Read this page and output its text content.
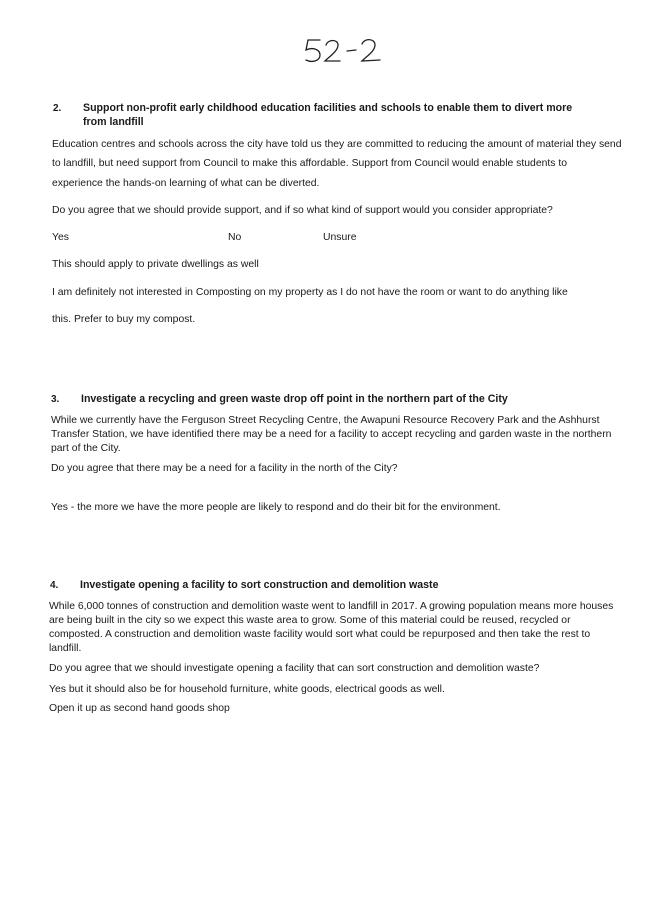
2. Support non-profit early childhood education facilities and schools to enable them to divert more
from landfill
Education centres and schools across the city have told us they are committed to reducing the amount of material they send
to landfill, but need support from Council to make this affordable. Support from Council would enable students to
experience the hands-on learning of what can be diverted.
Do you agree that we should provide support, and if so what kind of support would you consider appropriate?
Yes	No	Unsure
This should apply to private dwellings as well
I am definitely not interested in Composting on my property as I do not have the room or want to do anything like
this. Prefer to buy my compost.
3. Investigate a recycling and green waste drop off point in the northern part of the City
While we currently have the Ferguson Street Recycling Centre, the Awapuni Resource Recovery Park and the Ashhurst
Transfer Station, we have identified there may be a need for a facility to accept recycling and garden waste in the northern
part of the City.
Do you agree that there may be a need for a facility in the north of the City?
Yes - the more we have the more people are likely to respond and do their bit for the environment.
4. Investigate opening a facility to sort construction and demolition waste
While 6,000 tonnes of construction and demolition waste went to landfill in 2017. A growing population means more houses
are being built in the city so we expect this waste area to grow. Some of this material could be reused, recycled or
composted. A construction and demolition waste facility would sort what could be repurposed and then take the rest to
landfill.
Do you agree that we should investigate opening a facility that can sort construction and demolition waste?
Yes but it should also be for household furniture, white goods, electrical goods as well.
Open it up as second hand goods shop
